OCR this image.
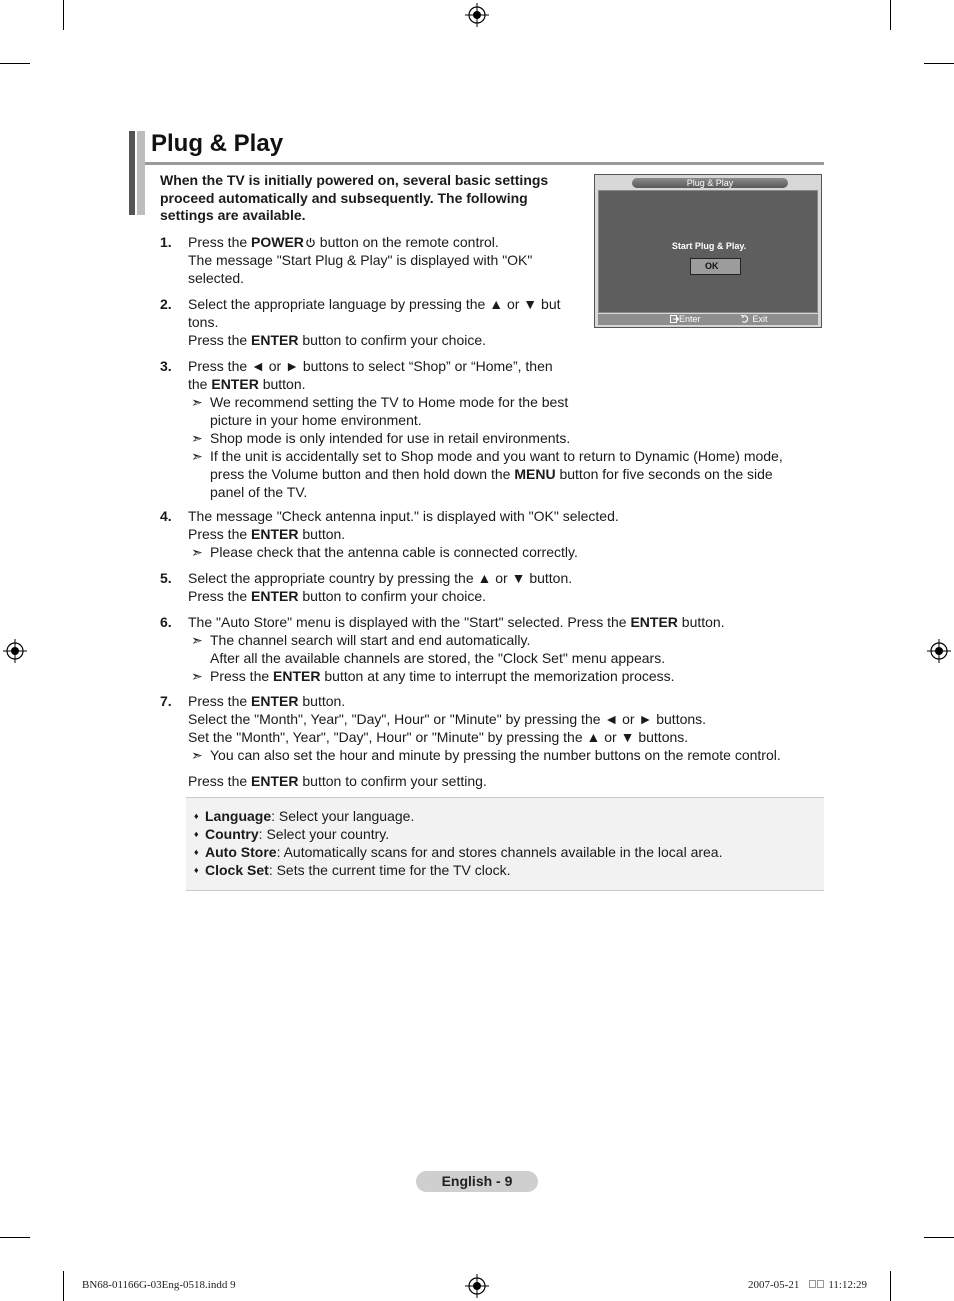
Plug & Play

When the TV is initially powered on, several basic settings proceed automatically and subsequently. The following settings are available.

Plug & Play
Start Plug & Play.
OK
Enter	Exit
1. Press the POWER button on the remote control.
The message "Start Plug & Play" is displayed with "OK"
selected.
2. Select the appropriate language by pressing the ▲ or ▼ but
tons.
Press the ENTER button to confirm your choice.
3. Press the ◄ or ► buttons to select “Shop” or “Home”, then
the ENTER button.
➣ We recommend setting the TV to Home mode for the best
picture in your home environment.
➣ Shop mode is only intended for use in retail environments.
➣ If the unit is accidentally set to Shop mode and you want to return to Dynamic (Home) mode,
press the Volume button and then hold down the MENU button for five seconds on the side
panel of the TV.
4. The message "Check antenna input." is displayed with "OK" selected.
Press the ENTER button.
➣ Please check that the antenna cable is connected correctly.
5. Select the appropriate country by pressing the ▲ or ▼ button.
Press the ENTER button to confirm your choice.
6. The "Auto Store" menu is displayed with the "Start" selected. Press the ENTER button.
➣ The channel search will start and end automatically.
After all the available channels are stored, the "Clock Set" menu appears.
➣ Press the ENTER button at any time to interrupt the memorization process.
7. Press the ENTER button.
Select the "Month", Year", "Day", Hour" or "Minute" by pressing the ◄ or ► buttons.
Set the "Month", Year", "Day", Hour" or "Minute" by pressing the ▲ or ▼ buttons.
➣ You can also set the hour and minute by pressing the number buttons on the remote control.
Press the ENTER button to confirm your setting.
♦ Language: Select your language.
♦ Country: Select your country.
♦ Auto Store: Automatically scans for and stores channels available in the local area.
♦ Clock Set: Sets the current time for the TV clock.
English - 9
BN68-01166G-03Eng-0518.indd 9	2007-05-21	11:12:29
